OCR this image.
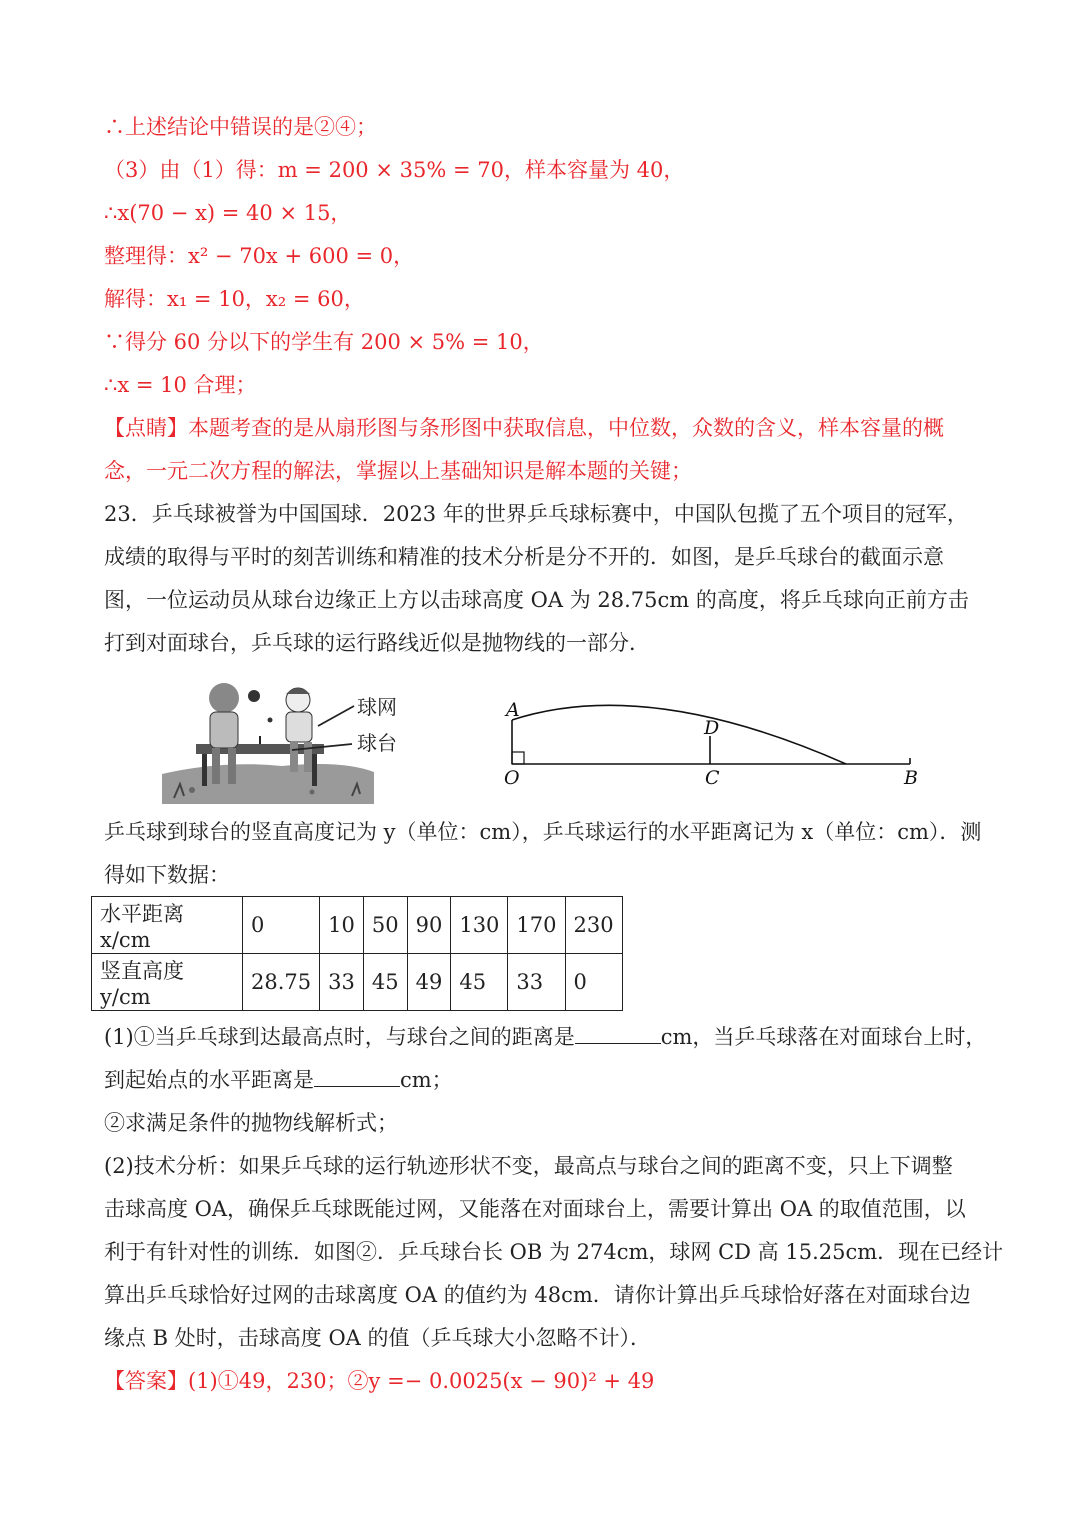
∴上述结论中错误的是②④；
（3）由（1）得：m = 200 × 35% = 70，样本容量为 40，
∴x(70 − x) = 40 × 15，
整理得：x² − 70x + 600 = 0，
解得：x₁ = 10，x₂ = 60，
∵得分 60 分以下的学生有 200 × 5% = 10，
∴x = 10 合理；
【点睛】本题考查的是从扇形图与条形图中获取信息，中位数，众数的含义，样本容量的概
念，一元二次方程的解法，掌握以上基础知识是解本题的关键；
23．乒乓球被誉为中国国球．2023 年的世界乒乓球标赛中，中国队包揽了五个项目的冠军，
成绩的取得与平时的刻苦训练和精准的技术分析是分不开的．如图，是乒乓球台的截面示意
图，一位运动员从球台边缘正上方以击球高度 OA 为 28.75cm 的高度，将乒乓球向正前方击
打到对面球台，乒乓球的运行路线近似是抛物线的一部分．
球网
球台
A
D
O	C	B
乒乓球到球台的竖直高度记为 y（单位：cm），乒乓球运行的水平距离记为 x（单位：cm）．测
得如下数据：
水平距离 x/cm	0	10	50	90	130	170	230
竖直高度 y/cm	28.75	33	45	49	45	33	0
(1)①当乒乓球到达最高点时，与球台之间的距离是	cm，当乒乓球落在对面球台上时，
到起始点的水平距离是	cm；
②求满足条件的抛物线解析式；
(2)技术分析：如果乒乓球的运行轨迹形状不变，最高点与球台之间的距离不变，只上下调整
击球高度 OA，确保乒乓球既能过网，又能落在对面球台上，需要计算出 OA 的取值范围，以
利于有针对性的训练．如图②．乒乓球台长 OB 为 274cm，球网 CD 高 15.25cm．现在已经计
算出乒乓球恰好过网的击球离度 OA 的值约为 48cm．请你计算出乒乓球恰好落在对面球台边
缘点 B 处时，击球高度 OA 的值（乒乓球大小忽略不计）．
【答案】(1)①49，230；②y =− 0.0025(x − 90)² + 49
